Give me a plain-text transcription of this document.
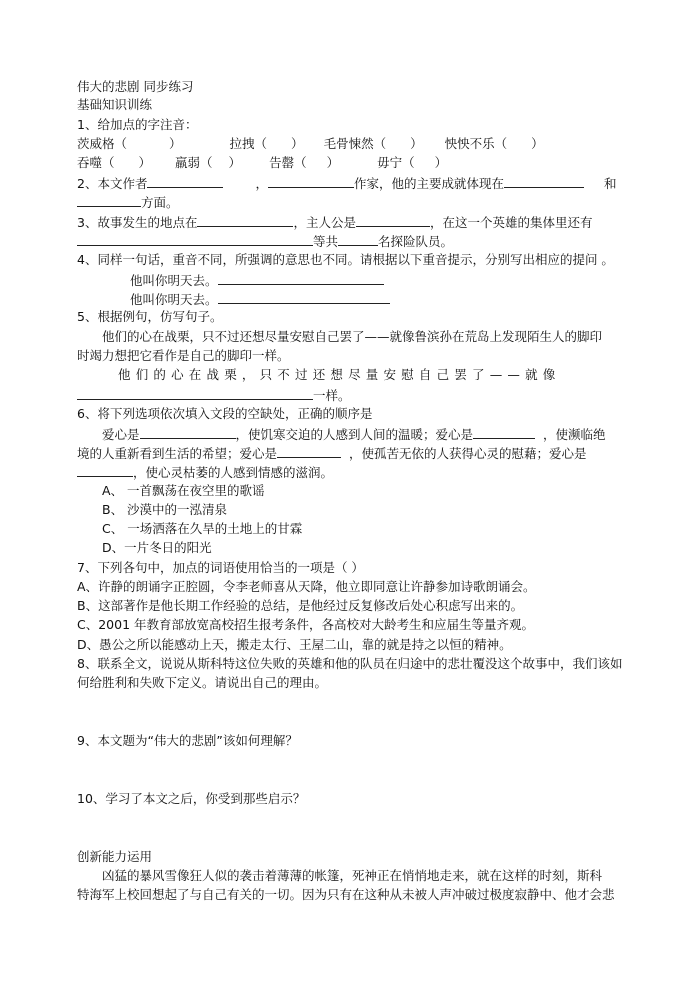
伟大的悲剧 同步练习
基础知识训练
1、给加点的字注音：
茨威格（	）	拉拽（ ） 毛骨悚然（ ） 怏怏不乐（ ）
吞噬（ ） 羸弱（ ） 告罄（ ）	毋宁（ ）
2、本文作者	，	作家，他的主要成就体现在	和
方面。
3、故事发生的地点在	，主人公是	，在这一个英雄的集体里还有
等共	名探险队员。
4、同样一句话，重音不同，所强调的意思也不同。请根据以下重音提示，分别写出相应的提问 。
他叫你明天去。
他叫你明天去。
5、根据例句，仿写句子。
他们的心在战栗，只不过还想尽量安慰自己罢了——就像鲁滨孙在荒岛上发现陌生人的脚印
时竭力想把它看作是自己的脚印一样。
他们的心在战栗，只不过还想尽量安慰自己罢了——就像
一样。
6、将下列选项依次填入文段的空缺处，正确的顺序是
爱心是	，使饥寒交迫的人感到人间的温暖；爱心是	，使濒临绝
境的人重新看到生活的希望；爱心是	，使孤苦无依的人获得心灵的慰藉；爱心是
，使心灵枯萎的人感到情感的滋润。
A、 一首飘荡在夜空里的歌谣
B、 沙漠中的一泓清泉
C、 一场洒落在久旱的土地上的甘霖
D、一片冬日的阳光
7、下列各句中，加点的词语使用恰当的一项是（ ）
A、许静的朗诵字正腔圆，令李老师喜从天降，他立即同意让许静参加诗歌朗诵会。
B、这部著作是他长期工作经验的总结，是他经过反复修改后处心积虑写出来的。
C、2001 年教育部放宽高校招生报考条件，各高校对大龄考生和应届生等量齐观。
D、愚公之所以能感动上天，搬走太行、王屋二山，靠的就是持之以恒的精神。
8、联系全文，说说从斯科特这位失败的英雄和他的队员在归途中的悲壮覆没这个故事中，我们该如
何给胜利和失败下定义。请说出自己的理由。
9、本文题为“伟大的悲剧”该如何理解？
10、学习了本文之后，你受到那些启示？
创新能力运用
凶猛的暴风雪像狂人似的袭击着薄薄的帐篷，死神正在悄悄地走来，就在这样的时刻，斯科
特海军上校回想起了与自己有关的一切。因为只有在这种从未被人声冲破过极度寂静中、他才会悲
